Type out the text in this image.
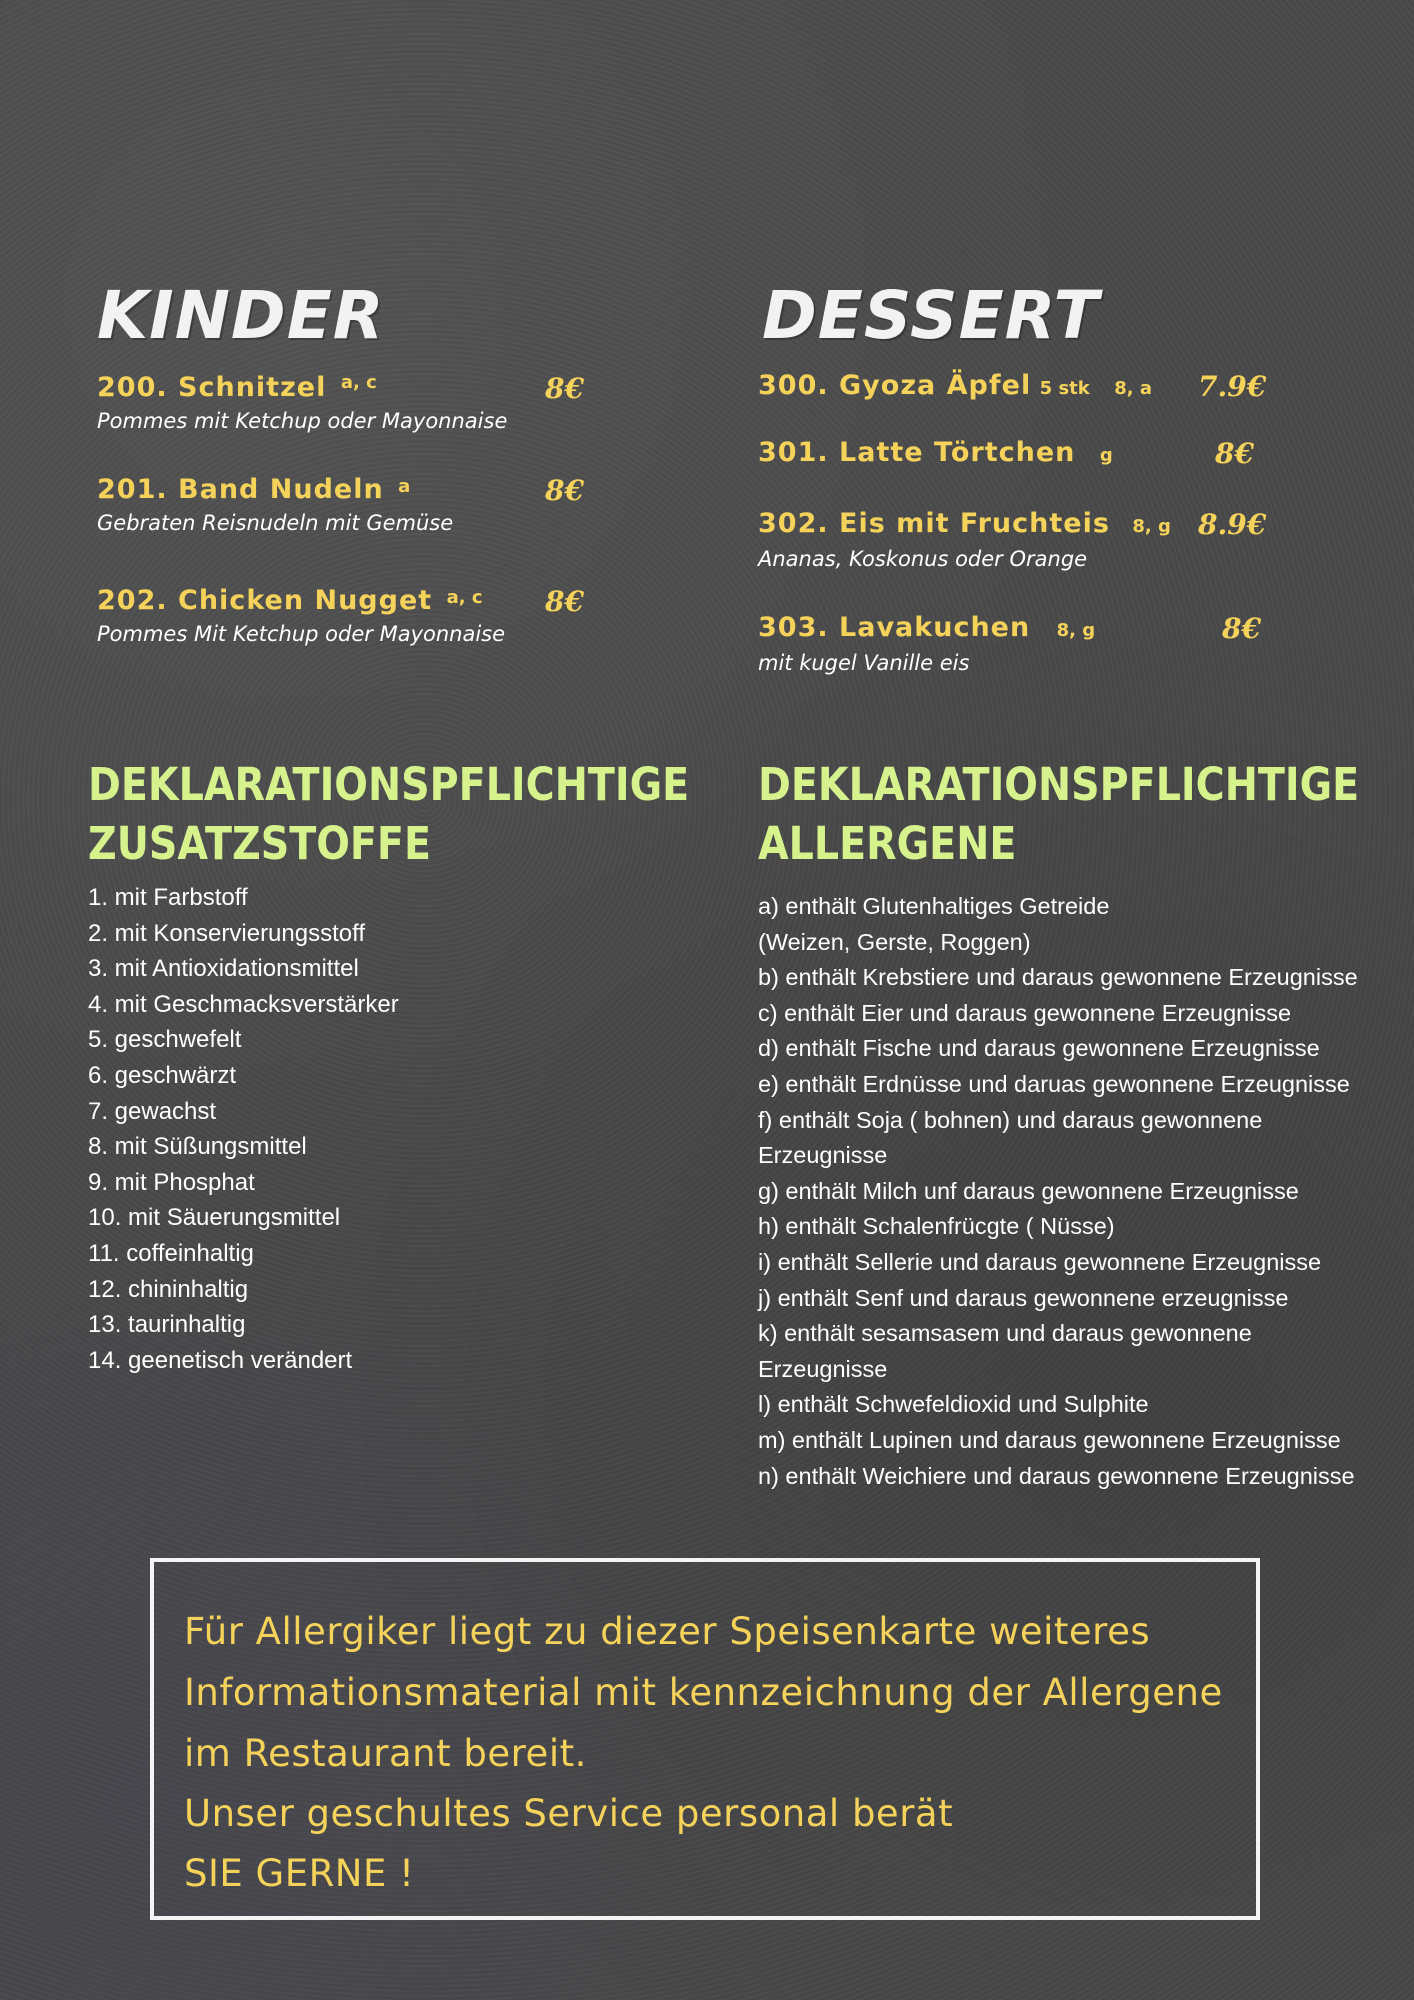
KINDER
200. Schnitzel a, c	8€
Pommes mit Ketchup oder Mayonnaise
201. Band Nudeln a	8€
Gebraten Reisnudeln mit Gemüse
202. Chicken Nugget a, c 8€
Pommes Mit Ketchup oder Mayonnaise
DESSERT
300. Gyoza Äpfel 5 stk 8, a 7.9€
301. Latte Törtchen g	8€
302. Eis mit Fruchteis 8, g 8.9€
Ananas, Koskonus oder Orange
303. Lavakuchen 8, g	8€
mit kugel Vanille eis
DEKLARATIONSPFLICHTIGE
ZUSATZSTOFFE
1. mit Farbstoff
2. mit Konservierungsstoff
3. mit Antioxidationsmittel
4. mit Geschmacksverstärker
5. geschwefelt
6. geschwärzt
7. gewachst
8. mit Süßungsmittel
9. mit Phosphat
10. mit Säuerungsmittel
11. coffeinhaltig
12. chininhaltig
13. taurinhaltig
14. geenetisch verändert
DEKLARATIONSPFLICHTIGE
ALLERGENE
a) enthält Glutenhaltiges Getreide
(Weizen, Gerste, Roggen)
b) enthält Krebstiere und daraus gewonnene Erzeugnisse
c) enthält Eier und daraus gewonnene Erzeugnisse
d) enthält Fische und daraus gewonnene Erzeugnisse
e) enthält Erdnüsse und daruas gewonnene Erzeugnisse
f) enthält Soja ( bohnen) und daraus gewonnene
Erzeugnisse
g) enthält Milch unf daraus gewonnene Erzeugnisse
h) enthält Schalenfrücgte ( Nüsse)
i) enthält Sellerie und daraus gewonnene Erzeugnisse
j) enthält Senf und daraus gewonnene erzeugnisse
k) enthält sesamsasem und daraus gewonnene
Erzeugnisse
l) enthält Schwefeldioxid und Sulphite
m) enthält Lupinen und daraus gewonnene Erzeugnisse
n) enthält Weichiere und daraus gewonnene Erzeugnisse
Für Allergiker liegt zu diezer Speisenkarte weiteres
Informationsmaterial mit kennzeichnung der Allergene
im Restaurant bereit.
Unser geschultes Service personal berät
SIE GERNE !
